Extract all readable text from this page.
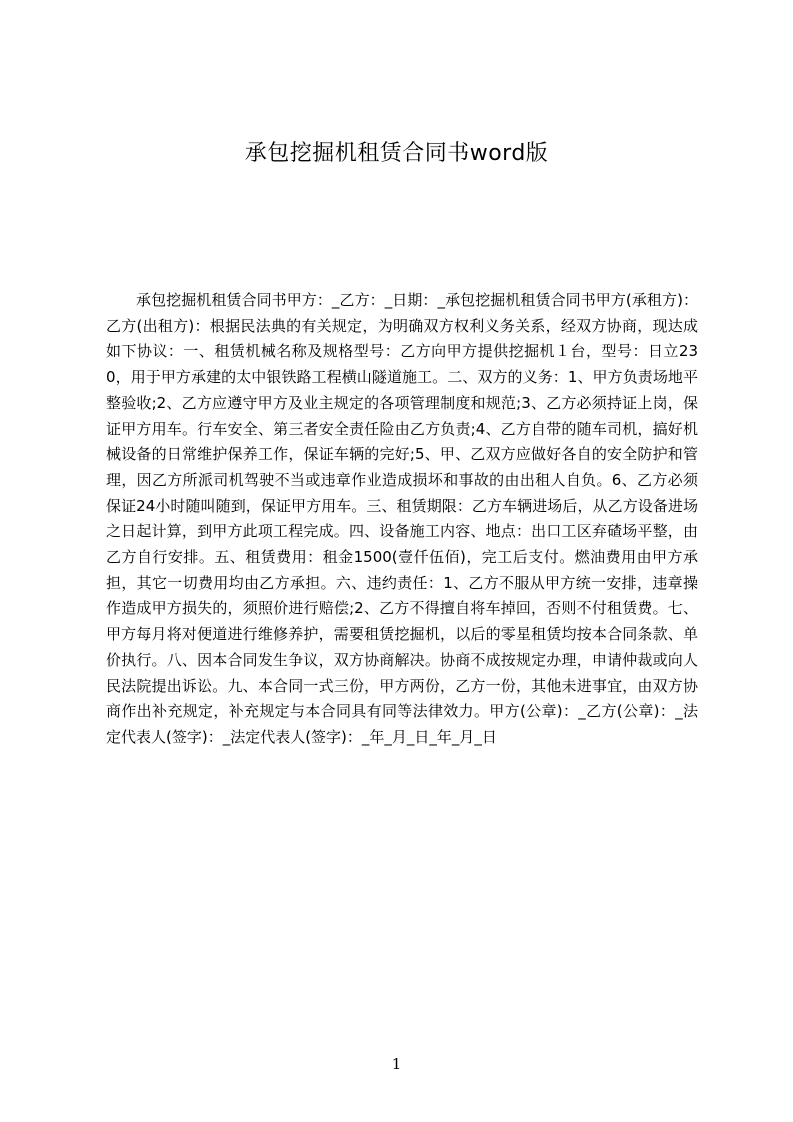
承包挖掘机租赁合同书word版

承包挖掘机租赁合同书甲方：_乙方：_日期：_承包挖掘机租赁合同书甲方(承租方)：乙方(出租方)：根据民法典的有关规定，为明确双方权利义务关系，经双方协商，现达成如下协议：一、租赁机械名称及规格型号：乙方向甲方提供挖掘机１台，型号：日立230，用于甲方承建的太中银铁路工程横山隧道施工。二、双方的义务：1、甲方负责场地平整验收;2、乙方应遵守甲方及业主规定的各项管理制度和规范;3、乙方必须持证上岗，保证甲方用车。行车安全、第三者安全责任险由乙方负责;4、乙方自带的随车司机，搞好机械设备的日常维护保养工作，保证车辆的完好;5、甲、乙双方应做好各自的安全防护和管理，因乙方所派司机驾驶不当或违章作业造成损坏和事故的由出租人自负。6、乙方必须保证24小时随叫随到，保证甲方用车。三、租赁期限：乙方车辆进场后，从乙方设备进场之日起计算，到甲方此项工程完成。四、设备施工内容、地点：出口工区弃碴场平整，由乙方自行安排。五、租赁费用：租金1500(壹仟伍佰)，完工后支付。燃油费用由甲方承担，其它一切费用均由乙方承担。六、违约责任：1、乙方不服从甲方统一安排，违章操作造成甲方损失的，须照价进行赔偿;2、乙方不得擅自将车掉回，否则不付租赁费。七、甲方每月将对便道进行维修养护，需要租赁挖掘机，以后的零星租赁均按本合同条款、单价执行。八、因本合同发生争议，双方协商解决。协商不成按规定办理，申请仲裁或向人民法院提出诉讼。九、本合同一式三份，甲方两份，乙方一份，其他未进事宜，由双方协商作出补充规定，补充规定与本合同具有同等法律效力。甲方(公章)：_乙方(公章)：_法定代表人(签字)：_法定代表人(签字)：_年_月_日_年_月_日

1
